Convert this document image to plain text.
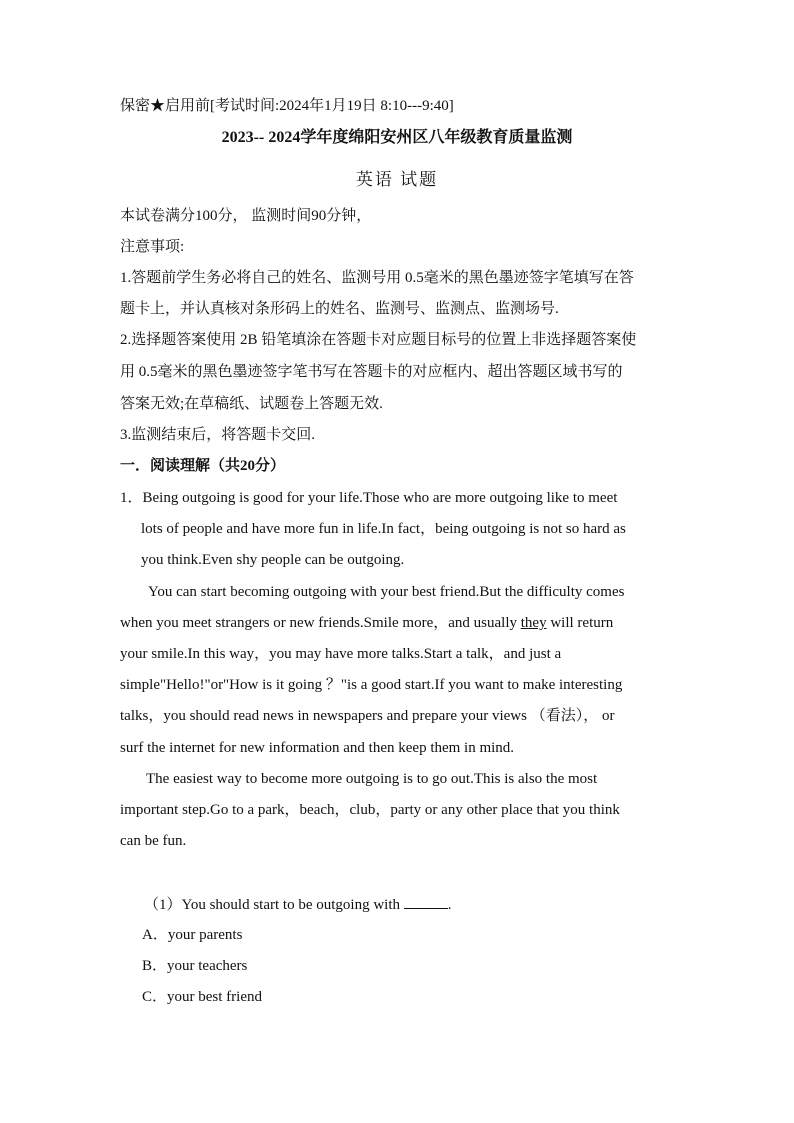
保密★启用前[考试时间:2024年1月19日 8:10---9:40]
2023-- 2024学年度绵阳安州区八年级教育质量监测
英语 试题
本试卷满分100分， 监测时间90分钟，
注意事项:
1.答题前学生务必将自己的姓名、监测号用 0.5毫米的黑色墨迹签字笔填写在答
题卡上，并认真核对条形码上的姓名、监测号、监测点、监测场号.
2.选择题答案使用 2B 铅笔填涂在答题卡对应题目标号的位置上非选择题答案使
用 0.5毫米的黑色墨迹签字笔书写在答题卡的对应框内、超出答题区域书写的
答案无效;在草稿纸、试题卷上答题无效.
3.监测结束后，将答题卡交回.
一．阅读理解（共20分）
1．Being outgoing is good for your life.Those who are more outgoing like to meet
lots of people and have more fun in life.In fact，being outgoing is not so hard as
you think.Even shy people can be outgoing.
You can start becoming outgoing with your best friend.But the difficulty comes
when you meet strangers or new friends.Smile more，and usually they will return
your smile.In this way，you may have more talks.Start a talk，and just a
simple"Hello!"or"How is it going ？"is a good start.If you want to make interesting
talks，you should read news in newspapers and prepare your views （看法）， or
surf the internet for new information and then keep them in mind.
The easiest way to become more outgoing is to go out.This is also the most
important step.Go to a park，beach，club，party or any other place that you think
can be fun.
（1）You should start to be outgoing with	.
A．your parents
B．your teachers
C．your best friend
